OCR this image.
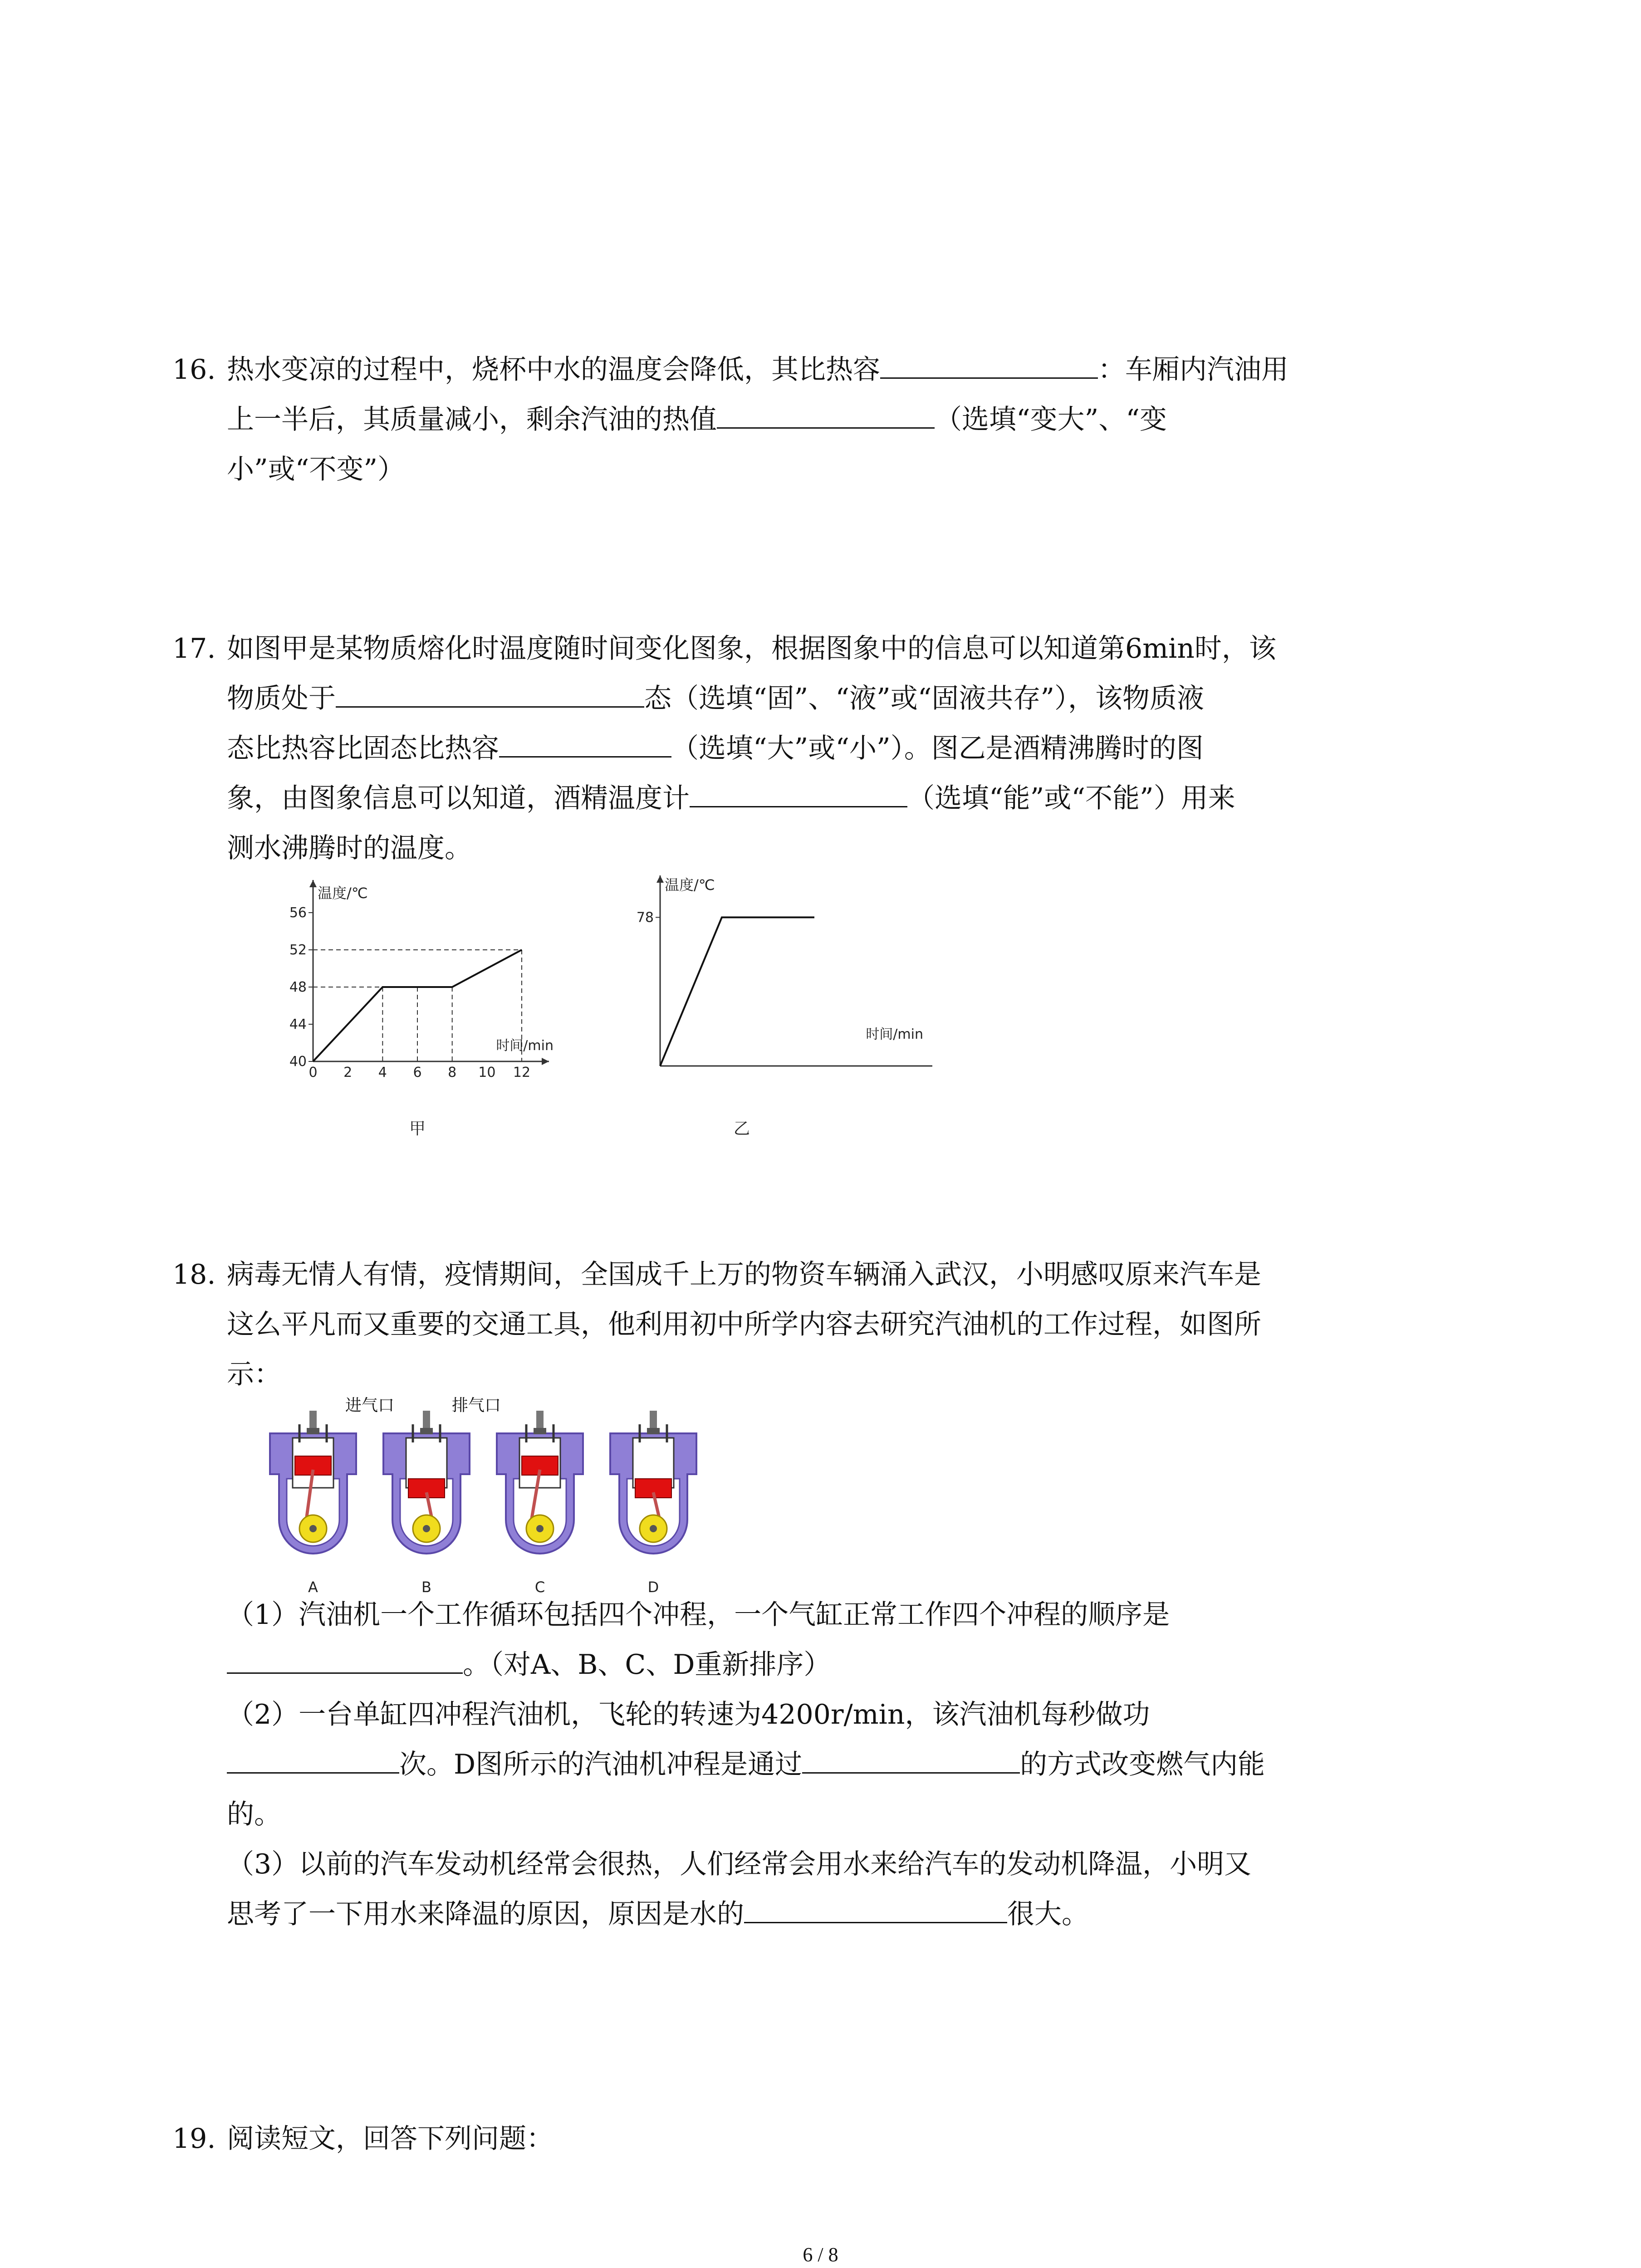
16. 热水变凉的过程中，烧杯中水的温度会降低，其比热容	：车厢内汽油用
上一半后，其质量减小，剩余汽油的热值	（选填“变大”、“变
小”或“不变”）
17. 如图甲是某物质熔化时温度随时间变化图象，根据图象中的信息可以知道第6min时，该
物质处于	态（选填“固”、“液”或“固液共存”），该物质液
态比热容比固态比热容	（选填“大”或“小”）。图乙是酒精沸腾时的图
象，由图象信息可以知道，酒精温度计	（选填“能”或“不能”）用来
测水沸腾时的温度。
温度/℃
时间/min
0 2 4 6 8 10 12
40
44
48
52
56
甲
温度/℃
时间/min
78
乙
18. 病毒无情人有情，疫情期间，全国成千上万的物资车辆涌入武汉，小明感叹原来汽车是
这么平凡而又重要的交通工具，他利用初中所学内容去研究汽油机的工作过程，如图所
示：
进气口	排气口
A	B	C	D
（1）汽油机一个工作循环包括四个冲程，一个气缸正常工作四个冲程的顺序是
。（对A、B、C、D重新排序）
（2）一台单缸四冲程汽油机，飞轮的转速为4200r/min，该汽油机每秒做功
次。D图所示的汽油机冲程是通过	的方式改变燃气内能
的。
（3）以前的汽车发动机经常会很热，人们经常会用水来给汽车的发动机降温，小明又
思考了一下用水来降温的原因，原因是水的	很大。
19. 阅读短文，回答下列问题：
6 / 8
